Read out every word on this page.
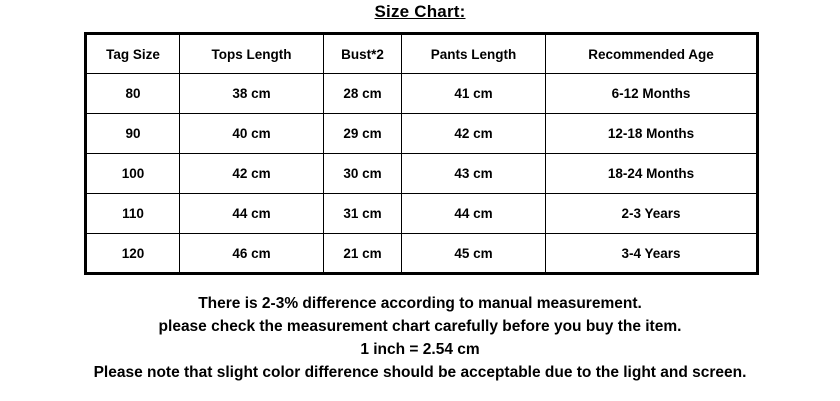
Size Chart:
Tag Size	Tops Length	Bust*2	Pants Length	Recommended Age
80	38 cm	28 cm	41 cm	6-12 Months
90	40 cm	29 cm	42 cm	12-18 Months
100	42 cm	30 cm	43 cm	18-24 Months
110	44 cm	31 cm	44 cm	2-3 Years
120	46 cm	21 cm	45 cm	3-4 Years
There is 2-3% difference according to manual measurement.
please check the measurement chart carefully before you buy the item.
1 inch = 2.54 cm
Please note that slight color difference should be acceptable due to the light and screen.
